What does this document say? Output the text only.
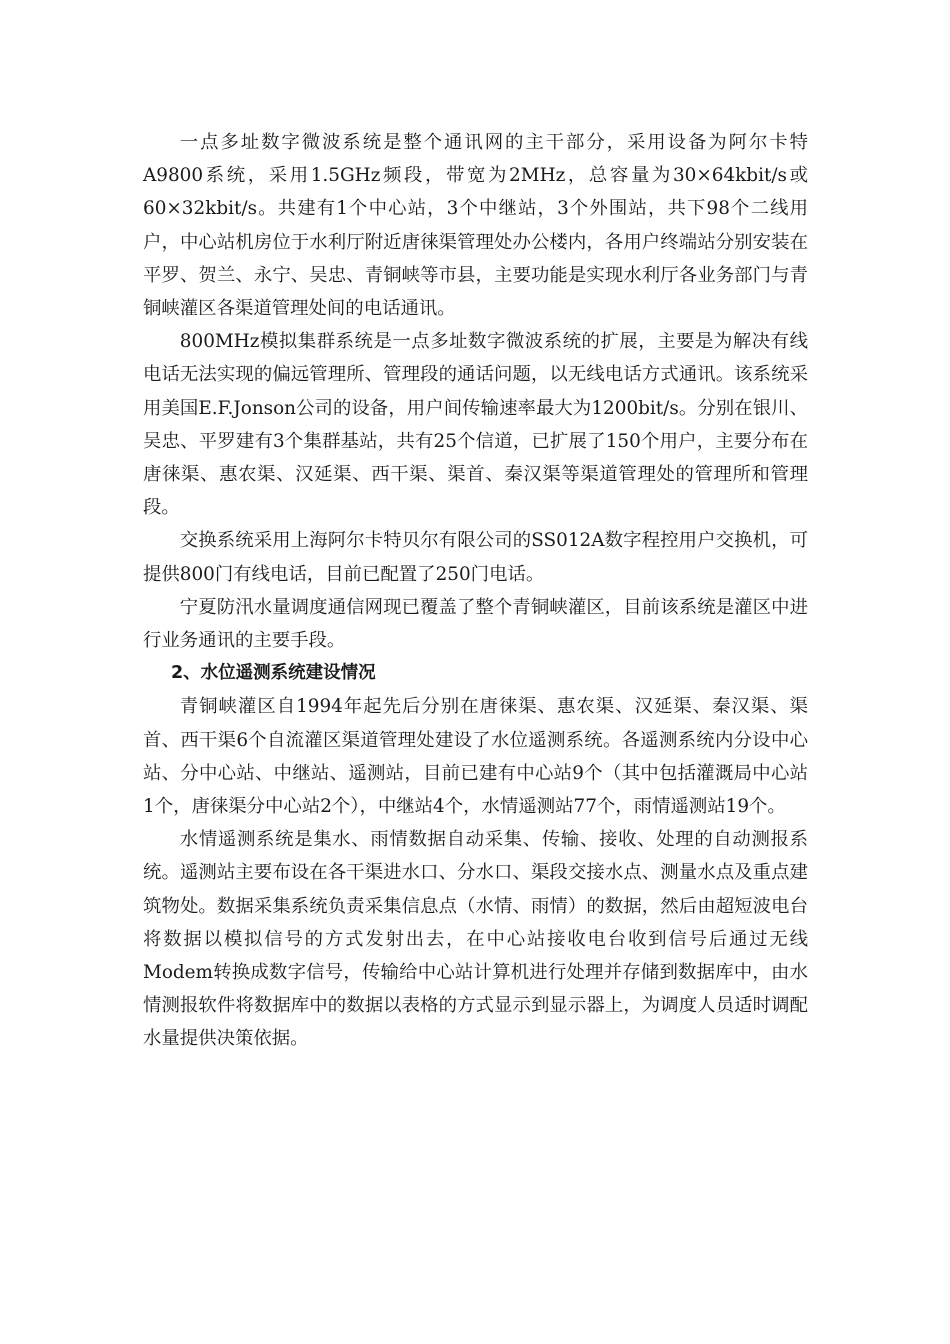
一点多址数字微波系统是整个通讯网的主干部分，采用设备为阿尔卡特A9800系统，采用1.5GHz频段，带宽为2MHz，总容量为30×64kbit/s或60×32kbit/s。共建有1个中心站，3个中继站，3个外围站，共下98个二线用户，中心站机房位于水利厅附近唐徕渠管理处办公楼内，各用户终端站分别安装在平罗、贺兰、永宁、吴忠、青铜峡等市县，主要功能是实现水利厅各业务部门与青铜峡灌区各渠道管理处间的电话通讯。

800MHz模拟集群系统是一点多址数字微波系统的扩展，主要是为解决有线电话无法实现的偏远管理所、管理段的通话问题，以无线电话方式通讯。该系统采用美国E.F.Jonson公司的设备，用户间传输速率最大为1200bit/s。分别在银川、吴忠、平罗建有3个集群基站，共有25个信道，已扩展了150个用户，主要分布在唐徕渠、惠农渠、汉延渠、西干渠、渠首、秦汉渠等渠道管理处的管理所和管理段。

交换系统采用上海阿尔卡特贝尔有限公司的SS012A数字程控用户交换机，可提供800门有线电话，目前已配置了250门电话。

宁夏防汛水量调度通信网现已覆盖了整个青铜峡灌区，目前该系统是灌区中进行业务通讯的主要手段。

2、水位遥测系统建设情况

青铜峡灌区自1994年起先后分别在唐徕渠、惠农渠、汉延渠、秦汉渠、渠首、西干渠6个自流灌区渠道管理处建设了水位遥测系统。各遥测系统内分设中心站、分中心站、中继站、遥测站，目前已建有中心站9个（其中包括灌溉局中心站1个，唐徕渠分中心站2个），中继站4个，水情遥测站77个，雨情遥测站19个。

水情遥测系统是集水、雨情数据自动采集、传输、接收、处理的自动测报系统。遥测站主要布设在各干渠进水口、分水口、渠段交接水点、测量水点及重点建筑物处。数据采集系统负责采集信息点（水情、雨情）的数据，然后由超短波电台将数据以模拟信号的方式发射出去，在中心站接收电台收到信号后通过无线Modem转换成数字信号，传输给中心站计算机进行处理并存储到数据库中，由水情测报软件将数据库中的数据以表格的方式显示到显示器上，为调度人员适时调配水量提供决策依据。
